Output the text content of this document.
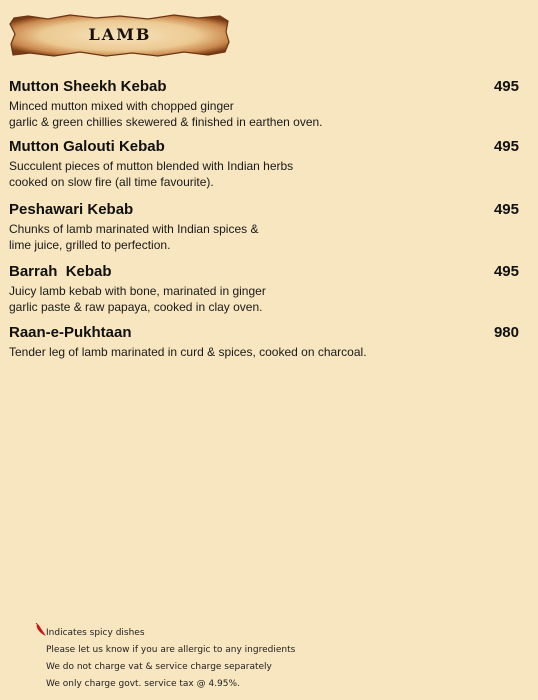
LAMB
Mutton Sheekh Kebab	495
Minced mutton mixed with chopped ginger
garlic & green chillies skewered & finished in earthen oven.
Mutton Galouti Kebab	495
Succulent pieces of mutton blended with Indian herbs
cooked on slow fire (all time favourite).
Peshawari Kebab	495
Chunks of lamb marinated with Indian spices &
lime juice, grilled to perfection.
Barrah  Kebab	495
Juicy lamb kebab with bone, marinated in ginger
garlic paste & raw papaya, cooked in clay oven.
Raan-e-Pukhtaan	980
Tender leg of lamb marinated in curd & spices, cooked on charcoal.
Indicates spicy dishes
Please let us know if you are allergic to any ingredients
We do not charge vat & service charge separately
We only charge govt. service tax @ 4.95%.
